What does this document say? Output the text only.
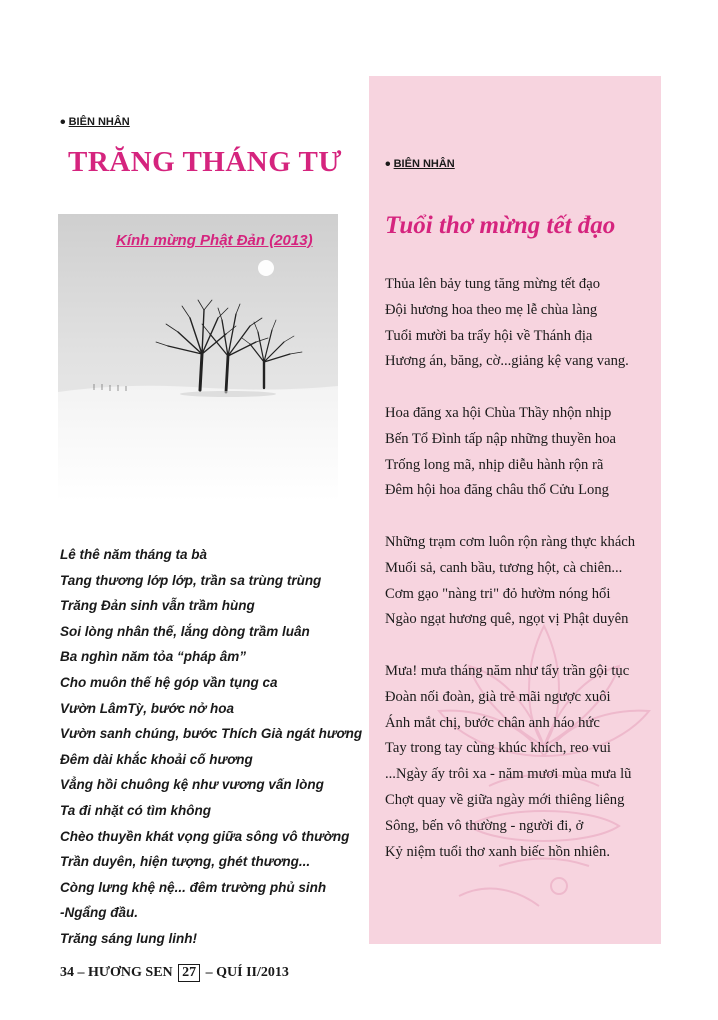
• BIÊN NHÂN
TRĂNG THÁNG TƯ
Kính mừng Phật Đản (2013)
Lê thê năm tháng ta bà
Tang thương lớp lớp, trần sa trùng trùng
Trăng Đản sinh vẫn trầm hùng
Soi lòng nhân thế, lắng dòng trầm luân
Ba nghìn năm tỏa “pháp âm”
Cho muôn thế hệ góp vần tụng ca
Vườn LâmTỳ, bước nở hoa
Vườn sanh chúng, bước Thích Già ngát hương
Đêm dài khắc khoải cố hương
Vẳng hồi chuông kệ như vương vấn lòng
Ta đi nhặt có tìm không
Chèo thuyền khát vọng giữa sông vô thường
Trần duyên, hiện tượng, ghét thương...
Còng lưng khệ nệ... đêm trường phủ sinh
-Ngẩng đầu.
Trăng sáng lung linh!
• BIÊN NHÂN
Tuổi thơ mừng tết đạo
Thủa lên bảy tung tăng mừng tết đạo
Đội hương hoa theo mẹ lễ chùa làng
Tuổi mười ba trẩy hội về Thánh địa
Hương án, băng, cờ...giảng kệ vang vang.
Hoa đăng xa hội Chùa Thầy nhộn nhịp
Bến Tổ Đình tấp nập những thuyền hoa
Trống long mã, nhịp diễu hành rộn rã
Đêm hội hoa đăng châu thổ Cửu Long
Những trạm cơm luôn rộn ràng thực khách
Muối sả, canh bầu, tương hột, cà chiên...
Cơm gạo "nàng tri" đỏ hườm nóng hổi
Ngào ngạt hương quê, ngọt vị Phật duyên
Mưa! mưa tháng năm như tẩy trần gội tục
Đoàn nối đoàn, già trẻ mãi ngược xuôi
Ánh mắt chị, bước chân anh háo hức
Tay trong tay cùng khúc khích, reo vui
...Ngày ấy trôi xa - năm mươi mùa mưa lũ
Chợt quay về giữa ngày mới thiêng liêng
Sông, bến vô thường - người đi, ở
Kỷ niệm tuổi thơ xanh biếc hồn nhiên.
34 – HƯƠNG SEN 27 – QUÍ II/2013
